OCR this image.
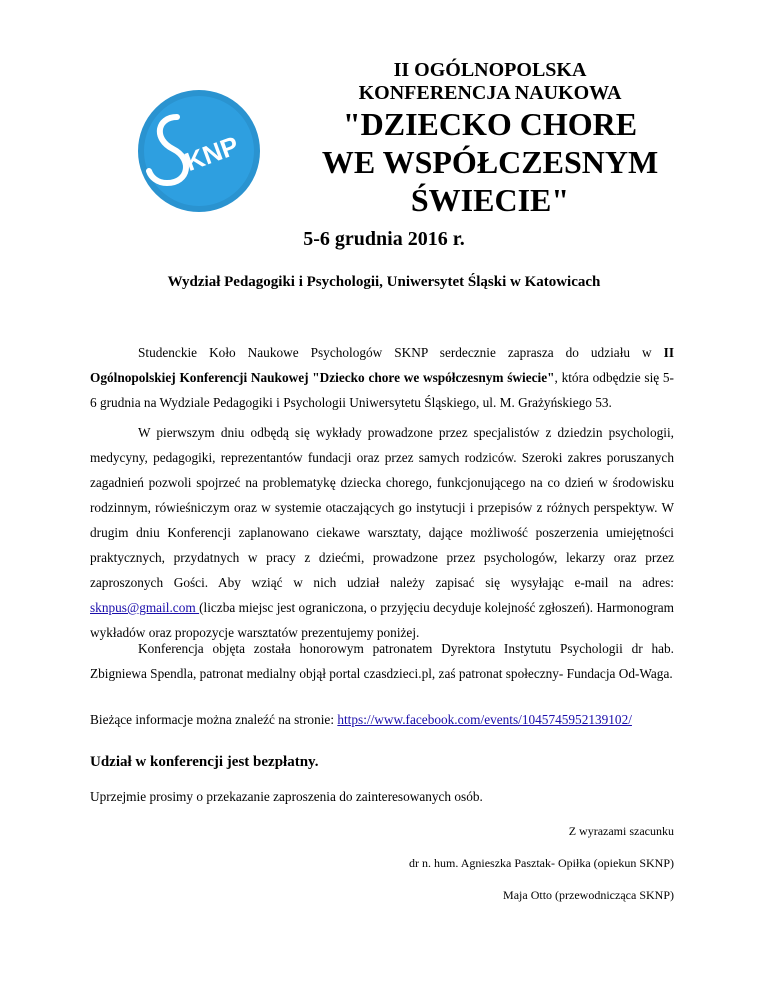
KNP
II OGÓLNOPOLSKA
KONFERENCJA NAUKOWA
"DZIECKO CHORE
WE WSPÓŁCZESNYM
ŚWIECIE"
5-6 grudnia 2016 r.
Wydział Pedagogiki i Psychologii, Uniwersytet Śląski w Katowicach
Studenckie Koło Naukowe Psychologów SKNP serdecznie zaprasza do udziału w II Ogólnopolskiej Konferencji Naukowej "Dziecko chore we współczesnym świecie", która odbędzie się 5-6 grudnia na Wydziale Pedagogiki i Psychologii Uniwersytetu Śląskiego, ul. M. Grażyńskiego 53.
W pierwszym dniu odbędą się wykłady prowadzone przez specjalistów z dziedzin psychologii, medycyny, pedagogiki, reprezentantów fundacji oraz przez samych rodziców. Szeroki zakres poruszanych zagadnień pozwoli spojrzeć na problematykę dziecka chorego, funkcjonującego na co dzień w środowisku rodzinnym, rówieśniczym oraz w systemie otaczających go instytucji i przepisów z różnych perspektyw. W drugim dniu Konferencji zaplanowano ciekawe warsztaty, dające możliwość poszerzenia umiejętności praktycznych, przydatnych w pracy z dziećmi, prowadzone przez psychologów, lekarzy oraz przez zaproszonych Gości. Aby wziąć w nich udział należy zapisać się wysyłając e-mail na adres: sknpus@gmail.com (liczba miejsc jest ograniczona, o przyjęciu decyduje kolejność zgłoszeń). Harmonogram wykładów oraz propozycje warsztatów prezentujemy poniżej.
Konferencja objęta została honorowym patronatem Dyrektora Instytutu Psychologii dr hab. Zbigniewa Spendla, patronat medialny objął portal czasdzieci.pl, zaś patronat społeczny- Fundacja Od-Waga.
Bieżące informacje można znaleźć na stronie: https://www.facebook.com/events/1045745952139102/
Udział w konferencji jest bezpłatny.
Uprzejmie prosimy o przekazanie zaproszenia do zainteresowanych osób.
Z wyrazami szacunku
dr n. hum. Agnieszka Pasztak- Opiłka (opiekun SKNP)
Maja Otto (przewodnicząca SKNP)
